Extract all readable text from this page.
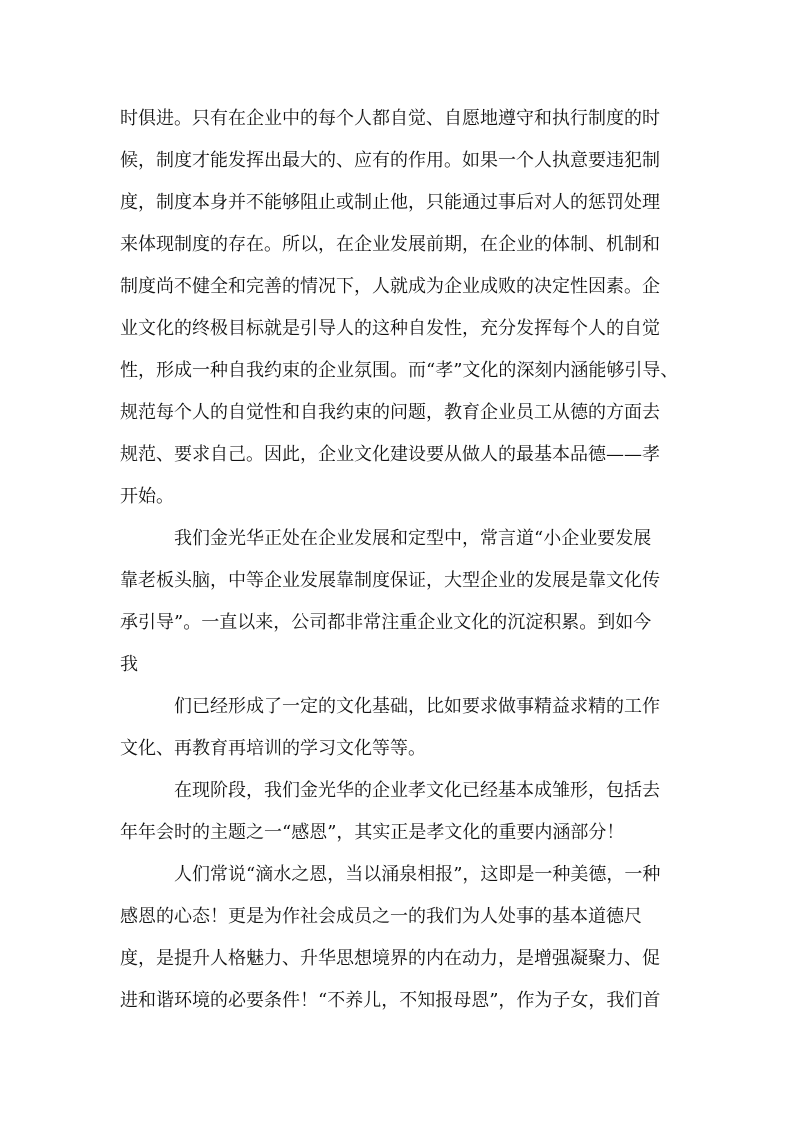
时俱进。只有在企业中的每个人都自觉、自愿地遵守和执行制度的时
候，制度才能发挥出最大的、应有的作用。如果一个人执意要违犯制
度，制度本身并不能够阻止或制止他，只能通过事后对人的惩罚处理
来体现制度的存在。所以，在企业发展前期，在企业的体制、机制和
制度尚不健全和完善的情况下，人就成为企业成败的决定性因素。企
业文化的终极目标就是引导人的这种自发性，充分发挥每个人的自觉
性，形成一种自我约束的企业氛围。而“孝”文化的深刻内涵能够引导、
规范每个人的自觉性和自我约束的问题，教育企业员工从德的方面去
规范、要求自己。因此，企业文化建设要从做人的最基本品德——孝
开始。
我们金光华正处在企业发展和定型中，常言道“小企业要发展
靠老板头脑，中等企业发展靠制度保证，大型企业的发展是靠文化传
承引导”。一直以来，公司都非常注重企业文化的沉淀积累。到如今
我
们已经形成了一定的文化基础，比如要求做事精益求精的工作
文化、再教育再培训的学习文化等等。
在现阶段，我们金光华的企业孝文化已经基本成雏形，包括去
年年会时的主题之一“感恩”，其实正是孝文化的重要内涵部分！
人们常说“滴水之恩，当以涌泉相报”，这即是一种美德，一种
感恩的心态！更是为作社会成员之一的我们为人处事的基本道德尺
度，是提升人格魅力、升华思想境界的内在动力，是增强凝聚力、促
进和谐环境的必要条件！“不养儿，不知报母恩”，作为子女，我们首
